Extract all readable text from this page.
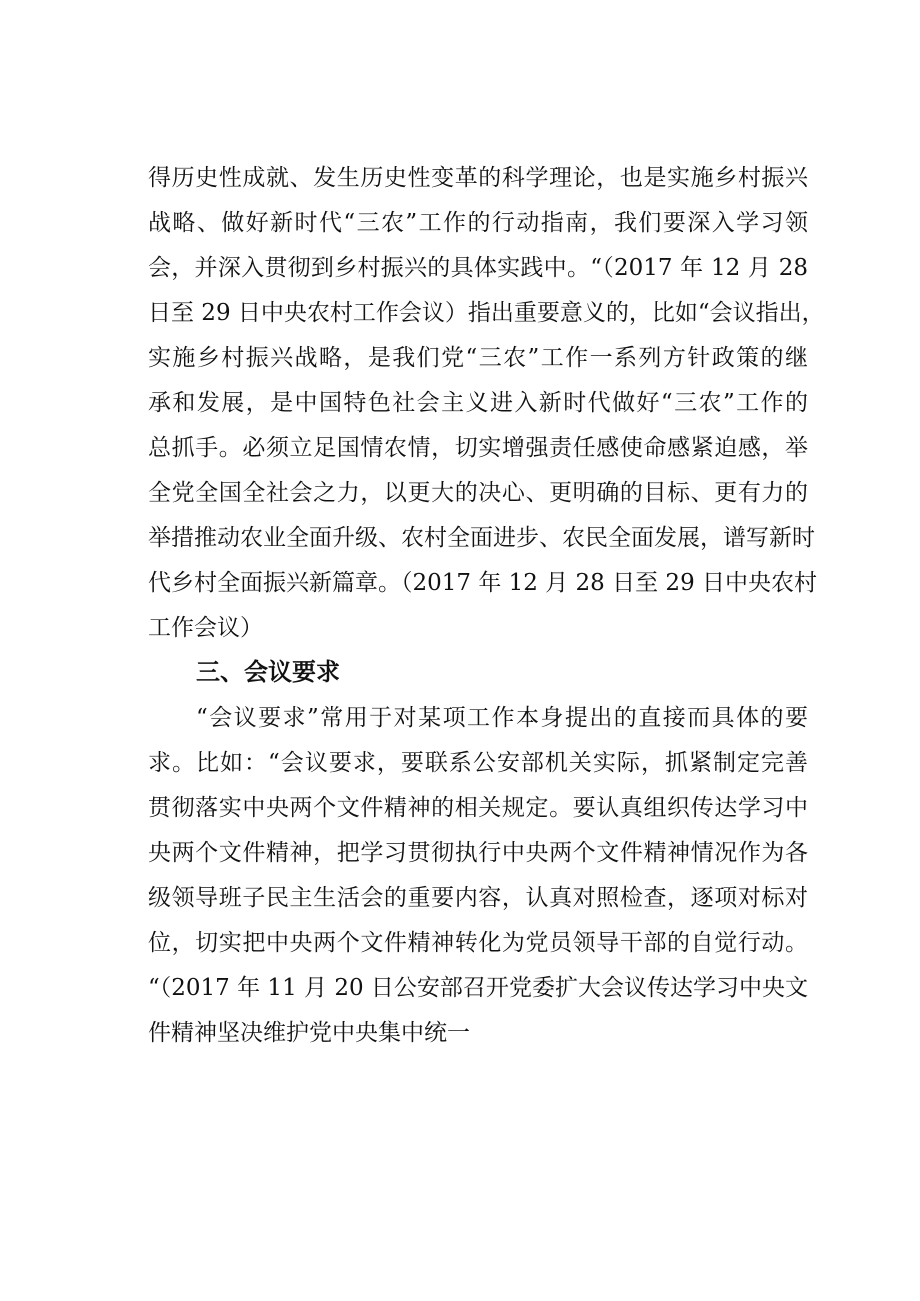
得历史性成就、发生历史性变革的科学理论，也是实施乡村振兴
战略、做好新时代“三农”工作的行动指南，我们要深入学习领
会，并深入贯彻到乡村振兴的具体实践中。“（2017 年 12 月 28
日至 29 日中央农村工作会议）指出重要意义的，比如“会议指出，
实施乡村振兴战略，是我们党“三农”工作一系列方针政策的继
承和发展，是中国特色社会主义进入新时代做好“三农”工作的
总抓手。必须立足国情农情，切实增强责任感使命感紧迫感，举
全党全国全社会之力，以更大的决心、更明确的目标、更有力的
举措推动农业全面升级、农村全面进步、农民全面发展，谱写新时
代乡村全面振兴新篇章。（2017 年 12 月 28 日至 29 日中央农村
工作会议）
三、会议要求
“会议要求”常用于对某项工作本身提出的直接而具体的要
求。比如：“会议要求，要联系公安部机关实际，抓紧制定完善
贯彻落实中央两个文件精神的相关规定。要认真组织传达学习中
央两个文件精神，把学习贯彻执行中央两个文件精神情况作为各
级领导班子民主生活会的重要内容，认真对照检查，逐项对标对
位，切实把中央两个文件精神转化为党员领导干部的自觉行动。
“（2017 年 11 月 20 日公安部召开党委扩大会议传达学习中央文
件精神坚决维护党中央集中统一
